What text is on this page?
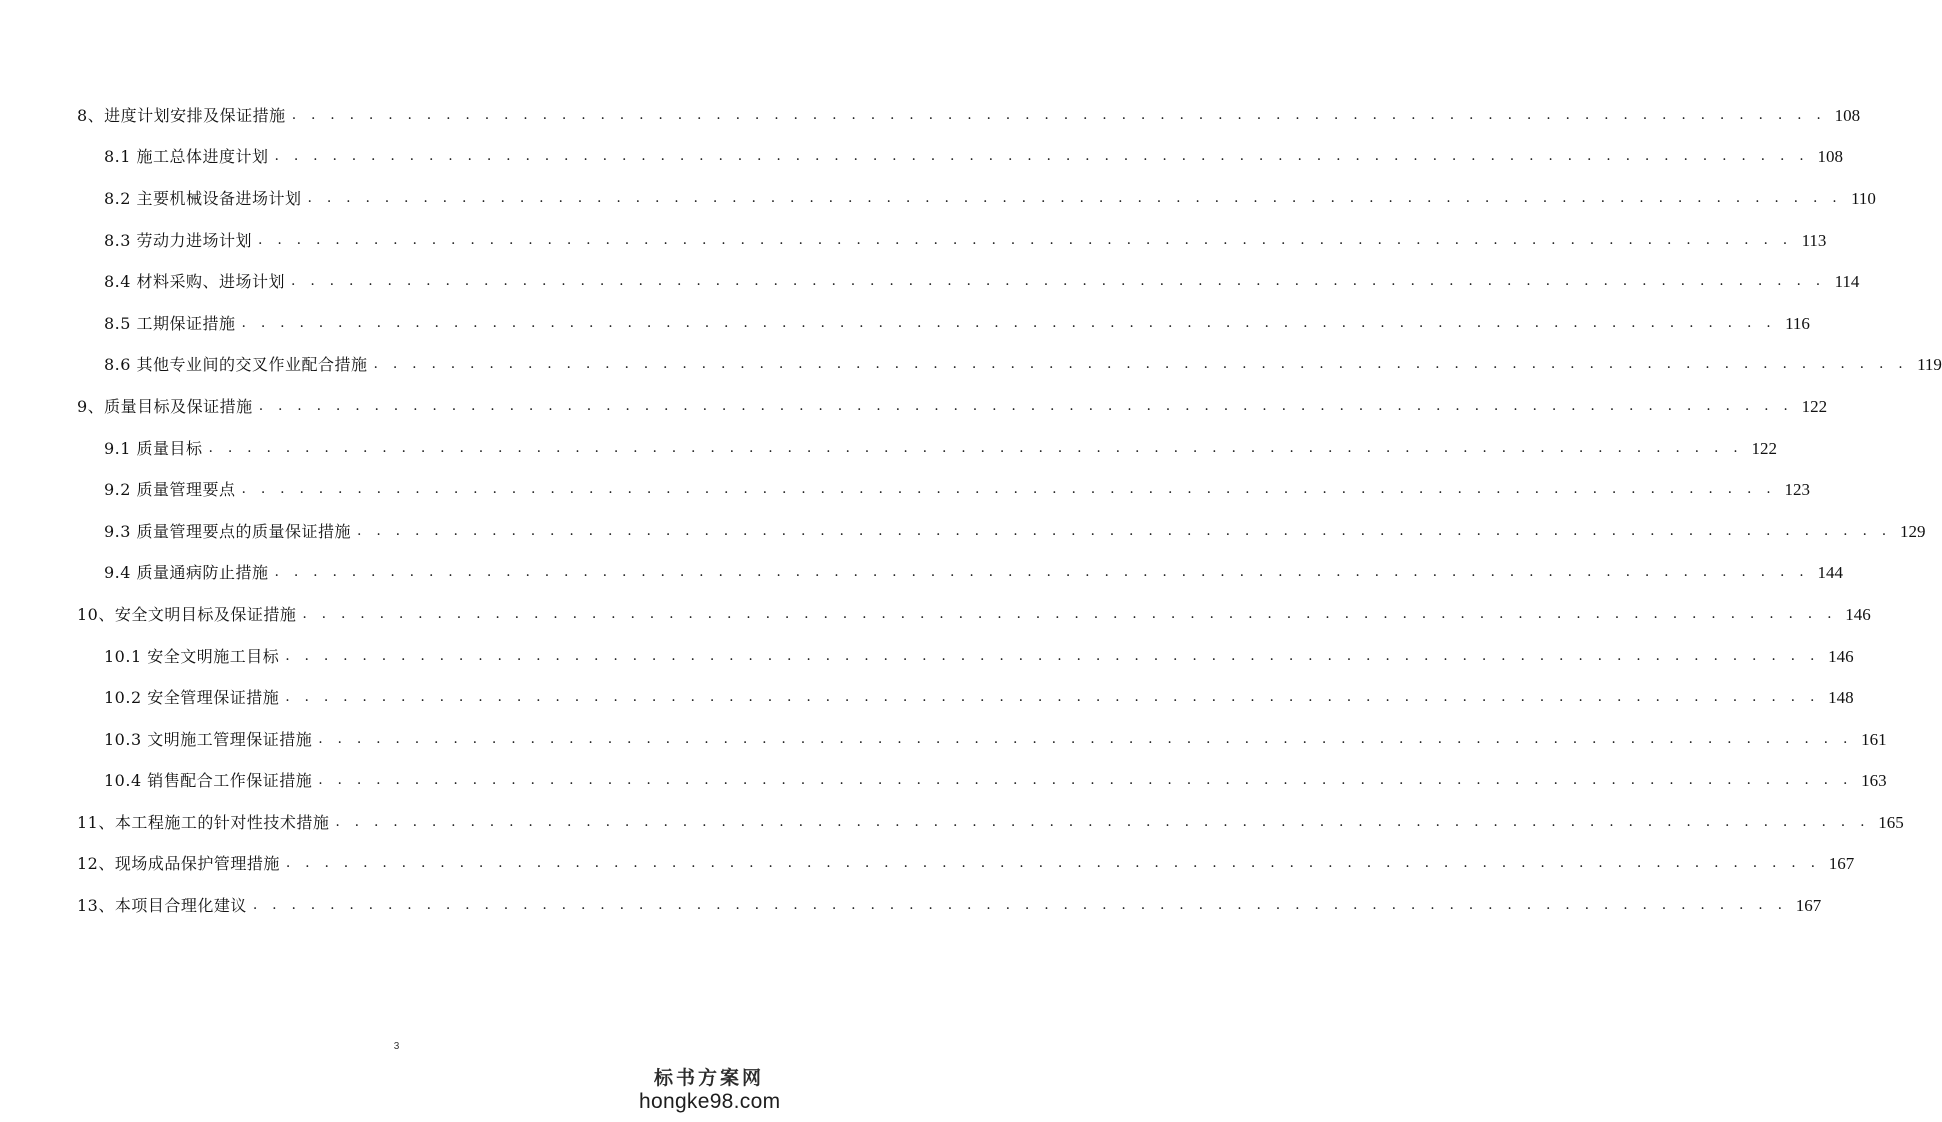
8、进度计划安排及保证措施 . . . . . . . . . . . . . . . . . . . . . . . . . . . . . . . . . . . . . . . . . . . . . . . . . . . . . . . . . . . . . . . . . . . . . . . . . . . . . . . . 108
8.1 施工总体进度计划 . . . . . . . . . . . . . . . . . . . . . . . . . . . . . . . . . . . . . . . . . . . . . . . . . . . . . . . . . . . . . . . . . . . . . . . . . . . . . . . . 108
8.2 主要机械设备进场计划 . . . . . . . . . . . . . . . . . . . . . . . . . . . . . . . . . . . . . . . . . . . . . . . . . . . . . . . . . . . . . . . . . . . . . . . . . . . . . . . . 110
8.3 劳动力进场计划 . . . . . . . . . . . . . . . . . . . . . . . . . . . . . . . . . . . . . . . . . . . . . . . . . . . . . . . . . . . . . . . . . . . . . . . . . . . . . . . . 113
8.4 材料采购、进场计划 . . . . . . . . . . . . . . . . . . . . . . . . . . . . . . . . . . . . . . . . . . . . . . . . . . . . . . . . . . . . . . . . . . . . . . . . . . . . . . . . 114
8.5 工期保证措施 . . . . . . . . . . . . . . . . . . . . . . . . . . . . . . . . . . . . . . . . . . . . . . . . . . . . . . . . . . . . . . . . . . . . . . . . . . . . . . . . 116
8.6 其他专业间的交叉作业配合措施 . . . . . . . . . . . . . . . . . . . . . . . . . . . . . . . . . . . . . . . . . . . . . . . . . . . . . . . . . . . . . . . . . . . . . . . . . . . . . . . . 119
9、质量目标及保证措施 . . . . . . . . . . . . . . . . . . . . . . . . . . . . . . . . . . . . . . . . . . . . . . . . . . . . . . . . . . . . . . . . . . . . . . . . . . . . . . . . 122
9.1 质量目标 . . . . . . . . . . . . . . . . . . . . . . . . . . . . . . . . . . . . . . . . . . . . . . . . . . . . . . . . . . . . . . . . . . . . . . . . . . . . . . . . 122
9.2 质量管理要点 . . . . . . . . . . . . . . . . . . . . . . . . . . . . . . . . . . . . . . . . . . . . . . . . . . . . . . . . . . . . . . . . . . . . . . . . . . . . . . . . 123
9.3 质量管理要点的质量保证措施 . . . . . . . . . . . . . . . . . . . . . . . . . . . . . . . . . . . . . . . . . . . . . . . . . . . . . . . . . . . . . . . . . . . . . . . . . . . . . . . . 129
9.4 质量通病防止措施 . . . . . . . . . . . . . . . . . . . . . . . . . . . . . . . . . . . . . . . . . . . . . . . . . . . . . . . . . . . . . . . . . . . . . . . . . . . . . . . . 144
10、安全文明目标及保证措施 . . . . . . . . . . . . . . . . . . . . . . . . . . . . . . . . . . . . . . . . . . . . . . . . . . . . . . . . . . . . . . . . . . . . . . . . . . . . . . . . 146
10.1 安全文明施工目标 . . . . . . . . . . . . . . . . . . . . . . . . . . . . . . . . . . . . . . . . . . . . . . . . . . . . . . . . . . . . . . . . . . . . . . . . . . . . . . . . 146
10.2 安全管理保证措施 . . . . . . . . . . . . . . . . . . . . . . . . . . . . . . . . . . . . . . . . . . . . . . . . . . . . . . . . . . . . . . . . . . . . . . . . . . . . . . . . 148
10.3 文明施工管理保证措施 . . . . . . . . . . . . . . . . . . . . . . . . . . . . . . . . . . . . . . . . . . . . . . . . . . . . . . . . . . . . . . . . . . . . . . . . . . . . . . . . 161
10.4 销售配合工作保证措施 . . . . . . . . . . . . . . . . . . . . . . . . . . . . . . . . . . . . . . . . . . . . . . . . . . . . . . . . . . . . . . . . . . . . . . . . . . . . . . . . 163
11、本工程施工的针对性技术措施 . . . . . . . . . . . . . . . . . . . . . . . . . . . . . . . . . . . . . . . . . . . . . . . . . . . . . . . . . . . . . . . . . . . . . . . . . . . . . . . . 165
12、现场成品保护管理措施 . . . . . . . . . . . . . . . . . . . . . . . . . . . . . . . . . . . . . . . . . . . . . . . . . . . . . . . . . . . . . . . . . . . . . . . . . . . . . . . . 167
13、本项目合理化建议 . . . . . . . . . . . . . . . . . . . . . . . . . . . . . . . . . . . . . . . . . . . . . . . . . . . . . . . . . . . . . . . . . . . . . . . . . . . . . . . . 167
3
标书方案网
hongke98.com
